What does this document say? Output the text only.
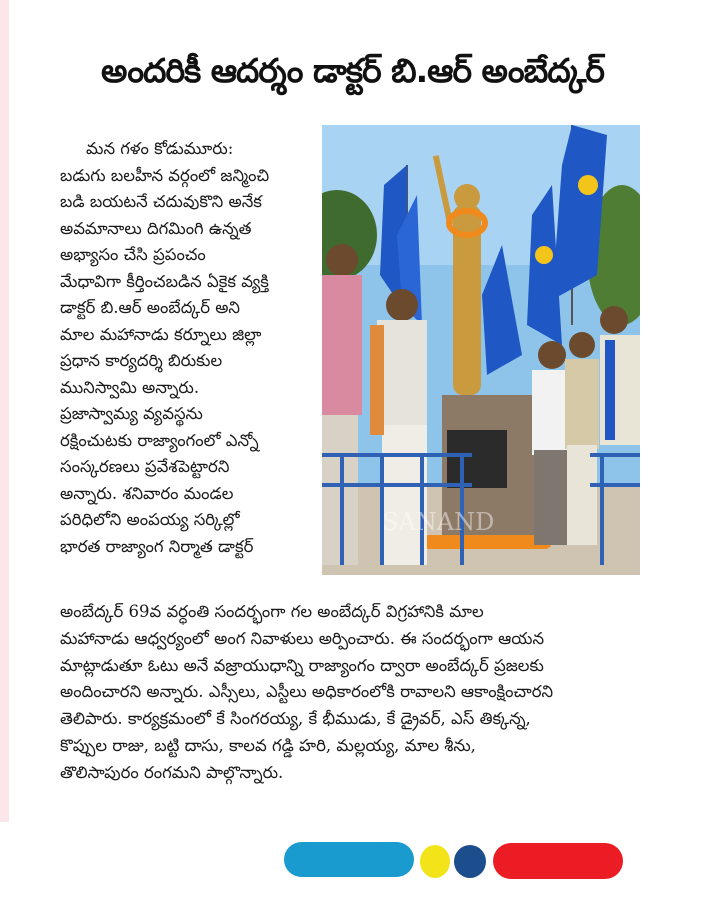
అందరికీ ఆదర్శం డాక్టర్ బి.ఆర్ అంబేద్కర్
మన గళం కోడుమూరు:
బడుగు బలహీన వర్గంలో జన్మించి
బడి బయటనే చదువుకొని అనేక
అవమానాలు దిగమింగి ఉన్నత
అభ్యాసం చేసి ప్రపంచం
మేధావిగా కీర్తించబడిన ఏకైక వ్యక్తి
డాక్టర్ బి.ఆర్ అంబేద్కర్ అని
మాల మహానాడు కర్నూలు జిల్లా
ప్రధాన కార్యదర్శి బిరుకుల
మునిస్వామి అన్నారు.
ప్రజాస్వామ్య వ్యవస్థను
రక్షించుటకు రాజ్యాంగంలో ఎన్నో
సంస్కరణలు ప్రవేశపెట్టారని
అన్నారు. శనివారం మండల
పరిధిలోని అంపయ్య సర్కిల్లో
భారత రాజ్యాంగ నిర్మాత డాక్టర్
SANAND
అంబేద్కర్ 69వ వర్ధంతి సందర్భంగా గల అంబేద్కర్ విగ్రహానికి మాల
మహానాడు ఆధ్వర్యంలో అంగ నివాళులు అర్పించారు. ఈ సందర్భంగా ఆయన
మాట్లాడుతూ ఓటు అనే వజ్రాయుధాన్ని రాజ్యాంగం ద్వారా అంబేద్కర్ ప్రజలకు
అందించారని అన్నారు. ఎస్సీలు, ఎస్టీలు అధికారంలోకి రావాలని ఆకాంక్షించారని
తెలిపారు. కార్యక్రమంలో కే సింగరయ్య, కే భీముడు, కే డ్రైవర్, ఎస్ తిక్కన్న,
కొప్పుల రాజు, బట్టి దాసు, కాలవ గడ్డి హరి, మల్లయ్య, మాల శీను,
తొలిసాపురం రంగమని పాల్గొన్నారు.
